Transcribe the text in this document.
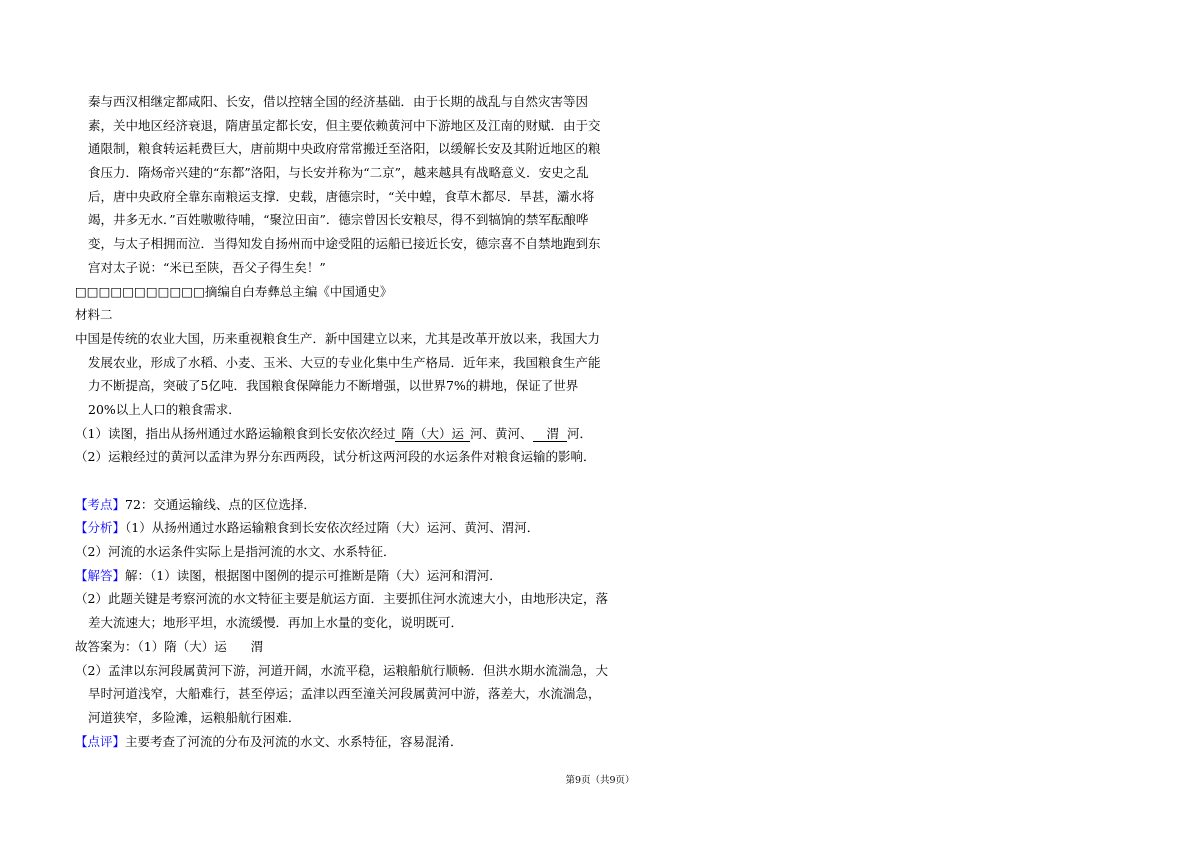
秦与西汉相继定都咸阳、长安，借以控辖全国的经济基础．由于长期的战乱与自然灾害等因
素，关中地区经济衰退，隋唐虽定都长安，但主要依赖黄河中下游地区及江南的财赋．由于交
通限制，粮食转运耗费巨大，唐前期中央政府常常搬迁至洛阳，以缓解长安及其附近地区的粮
食压力．隋炀帝兴建的“东都”洛阳，与长安并称为“二京”，越来越具有战略意义．安史之乱
后，唐中央政府全靠东南粮运支撑．史载，唐德宗时，“关中蝗，食草木都尽．旱甚，灞水将
竭，井多无水．”百姓嗷嗷待哺，“聚泣田亩”．德宗曾因长安粮尽，得不到犒饷的禁军酝酿哗
变，与太子相拥而泣．当得知发自扬州而中途受阻的运船已接近长安，德宗喜不自禁地跑到东
宫对太子说：“米已至陕，吾父子得生矣！”
□□□□□□□□□□□摘编自白寿彝总主编《中国通史》
材料二
中国是传统的农业大国，历来重视粮食生产．新中国建立以来，尤其是改革开放以来，我国大力
发展农业，形成了水稻、小麦、玉米、大豆的专业化集中生产格局．近年来，我国粮食生产能
力不断提高，突破了5亿吨．我国粮食保障能力不断增强，以世界7%的耕地，保证了世界
20%以上人口的粮食需求．
（1）读图，指出从扬州通过水路运输粮食到长安依次经过 隋（大）运 河、黄河、 渭 河．
（2）运粮经过的黄河以孟津为界分东西两段，试分析这两河段的水运条件对粮食运输的影响．
【考点】72：交通运输线、点的区位选择．
【分析】（1）从扬州通过水路运输粮食到长安依次经过隋（大）运河、黄河、渭河．
（2）河流的水运条件实际上是指河流的水文、水系特征．
【解答】解：（1）读图，根据图中图例的提示可推断是隋（大）运河和渭河．
（2）此题关键是考察河流的水文特征主要是航运方面．主要抓住河水流速大小，由地形决定，落
差大流速大；地形平坦，水流缓慢．再加上水量的变化，说明既可．
故答案为：（1）隋（大）运 渭
（2）孟津以东河段属黄河下游，河道开阔，水流平稳，运粮船航行顺畅．但洪水期水流湍急，大
旱时河道浅窄，大船难行，甚至停运；孟津以西至潼关河段属黄河中游，落差大，水流湍急，
河道狭窄，多险滩，运粮船航行困难．
【点评】主要考查了河流的分布及河流的水文、水系特征，容易混淆．
第9页（共9页）
